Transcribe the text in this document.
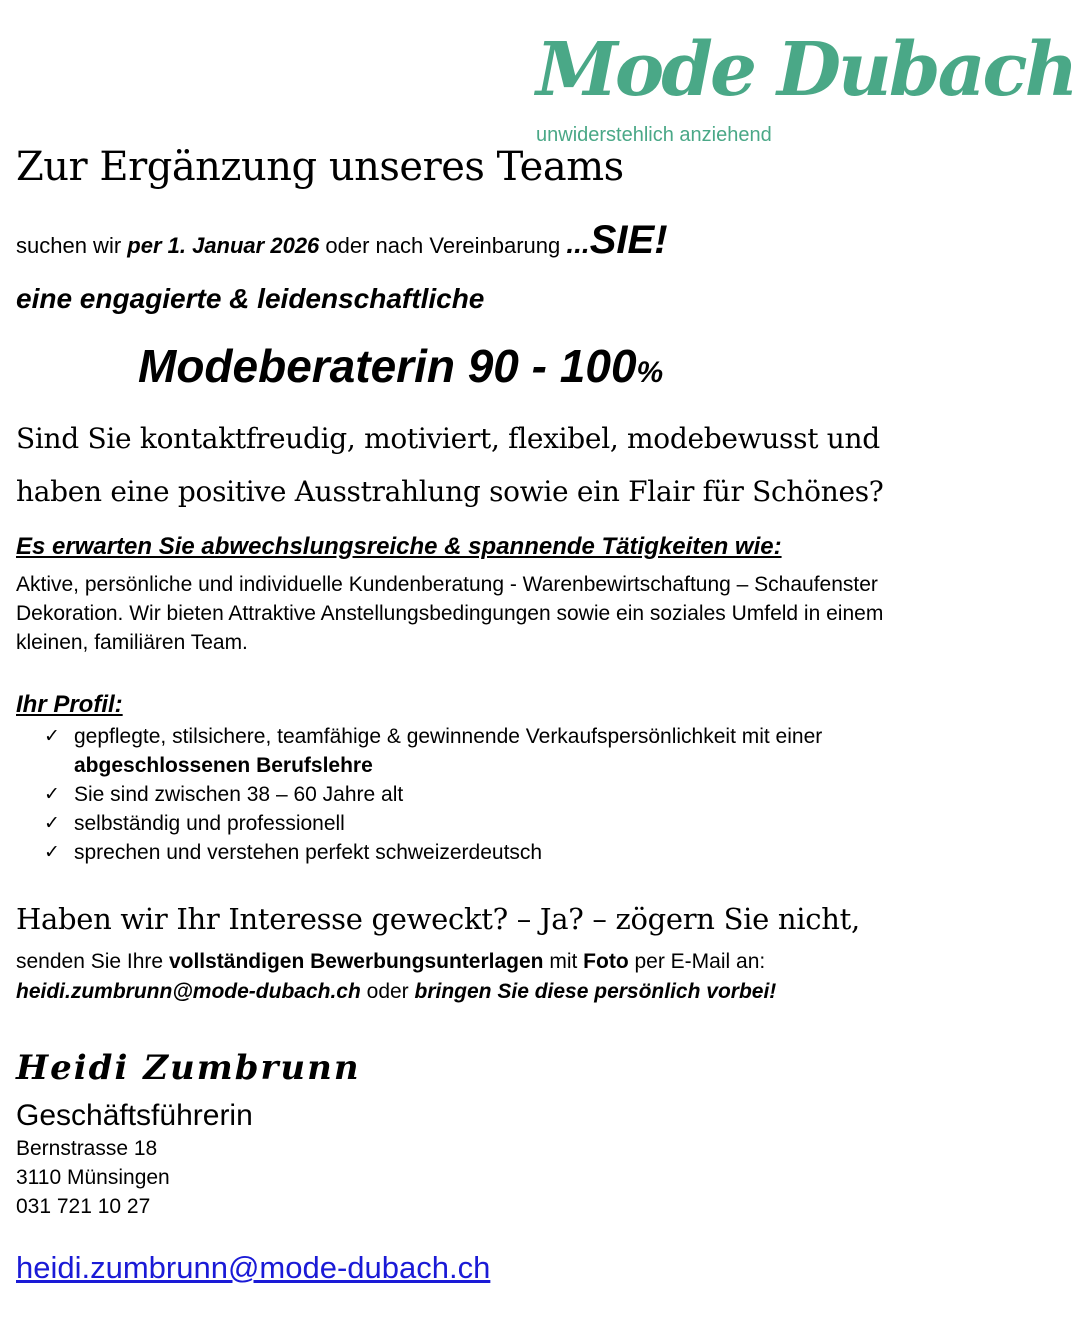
Mode Dubach
unwiderstehlich anziehend
Zur Ergänzung unseres Teams
suchen wir per 1. Januar 2026 oder nach Vereinbarung ...SIE!
eine engagierte & leidenschaftliche
Modeberaterin 90 - 100%
Sind Sie kontaktfreudig, motiviert, flexibel, modebewusst und haben eine positive Ausstrahlung sowie ein Flair für Schönes?
Es erwarten Sie abwechslungsreiche & spannende Tätigkeiten wie:
Aktive, persönliche und individuelle Kundenberatung - Warenbewirtschaftung – Schaufenster Dekoration. Wir bieten Attraktive Anstellungsbedingungen sowie ein soziales Umfeld in einem kleinen, familiären Team.
Ihr Profil:
✓ gepflegte, stilsichere, teamfähige & gewinnende Verkaufspersönlichkeit mit einer abgeschlossenen Berufslehre
✓ Sie sind zwischen 38 – 60 Jahre alt
✓ selbständig und professionell
✓ sprechen und verstehen perfekt schweizerdeutsch
Haben wir Ihr Interesse geweckt? – Ja? – zögern Sie nicht,
senden Sie Ihre vollständigen Bewerbungsunterlagen mit Foto per E-Mail an:
heidi.zumbrunn@mode-dubach.ch oder bringen Sie diese persönlich vorbei!
Heidi Zumbrunn
Geschäftsführerin
Bernstrasse 18
3110 Münsingen
031 721 10 27
heidi.zumbrunn@mode-dubach.ch
